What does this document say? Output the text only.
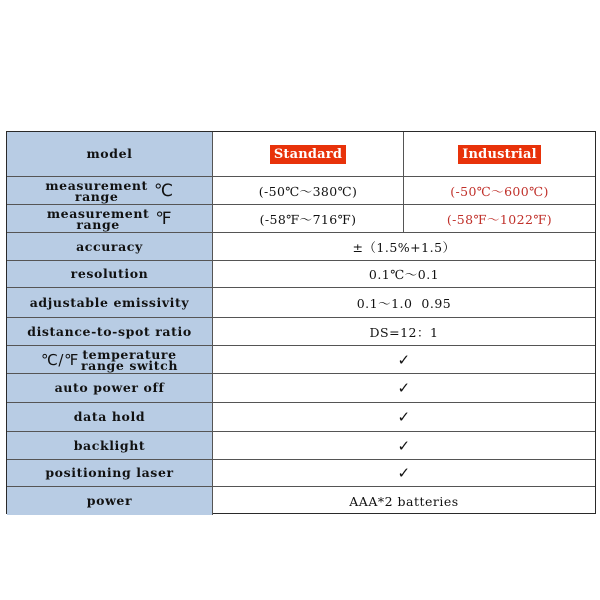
model	Standard	Industrial
measurement
range ℃	(-50℃～380℃)	(-50℃～600℃)
measurement
range ℉	(-58℉～716℉)	(-58℉～1022℉)
accuracy	±（1.5%+1.5）
resolution	0.1℃～0.1
adjustable emissivity	0.1～1.0  0.95
distance-to-spot ratio	DS=12：1
℃/℉ temperature
range switch	✓
auto power off	✓
data hold	✓
backlight	✓
positioning laser	✓
power	AAA*2 batteries
